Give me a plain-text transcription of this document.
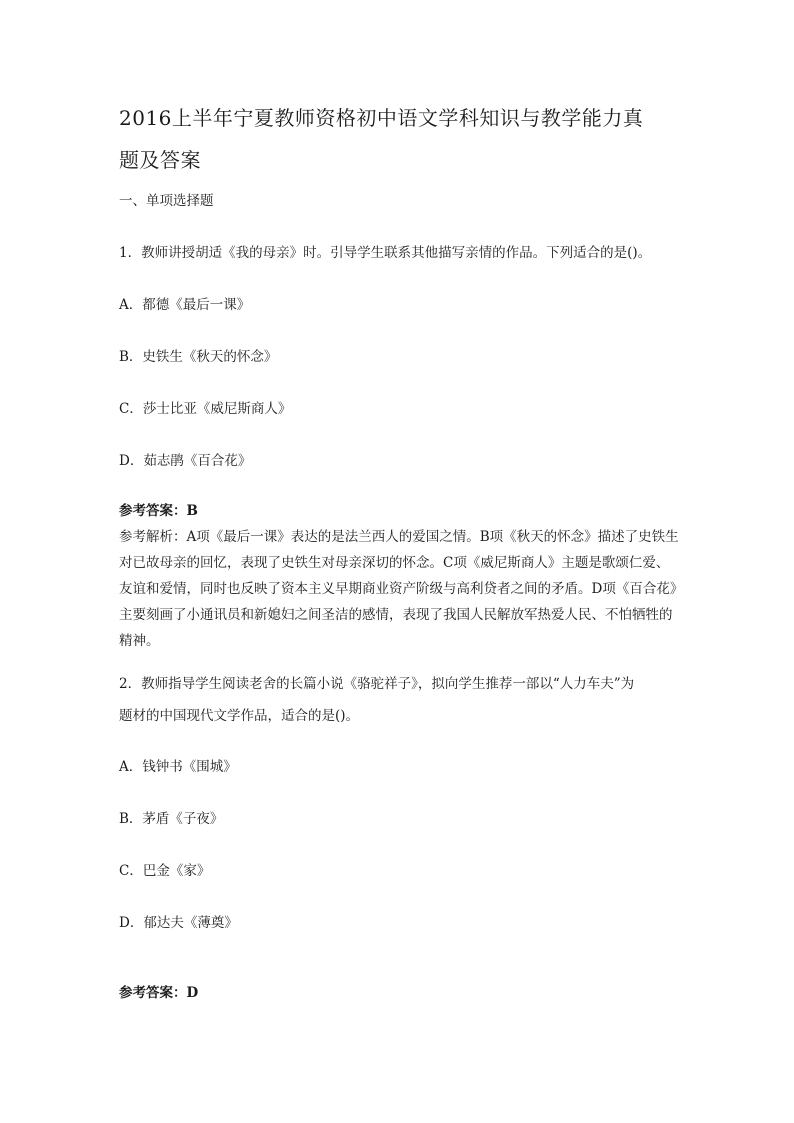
2016上半年宁夏教师资格初中语文学科知识与教学能力真
题及答案
一、单项选择题
1．教师讲授胡适《我的母亲》时。引导学生联系其他描写亲情的作品。下列适合的是()。
A．都德《最后一课》
B．史铁生《秋天的怀念》
C．莎士比亚《威尼斯商人》
D．茹志鹃《百合花》
参考答案：B
参考解析：A项《最后一课》表达的是法兰西人的爱国之情。B项《秋天的怀念》描述了史铁生对已故母亲的回忆，表现了史铁生对母亲深切的怀念。C项《威尼斯商人》主题是歌颂仁爱、友谊和爱情，同时也反映了资本主义早期商业资产阶级与高利贷者之间的矛盾。D项《百合花》主要刻画了小通讯员和新媳妇之间圣洁的感情，表现了我国人民解放军热爱人民、不怕牺牲的精神。
2．教师指导学生阅读老舍的长篇小说《骆驼祥子》，拟向学生推荐一部以“人力车夫”为
题材的中国现代文学作品，适合的是()。
A．钱钟书《围城》
B．茅盾《子夜》
C．巴金《家》
D．郁达夫《薄奠》
参考答案：D
